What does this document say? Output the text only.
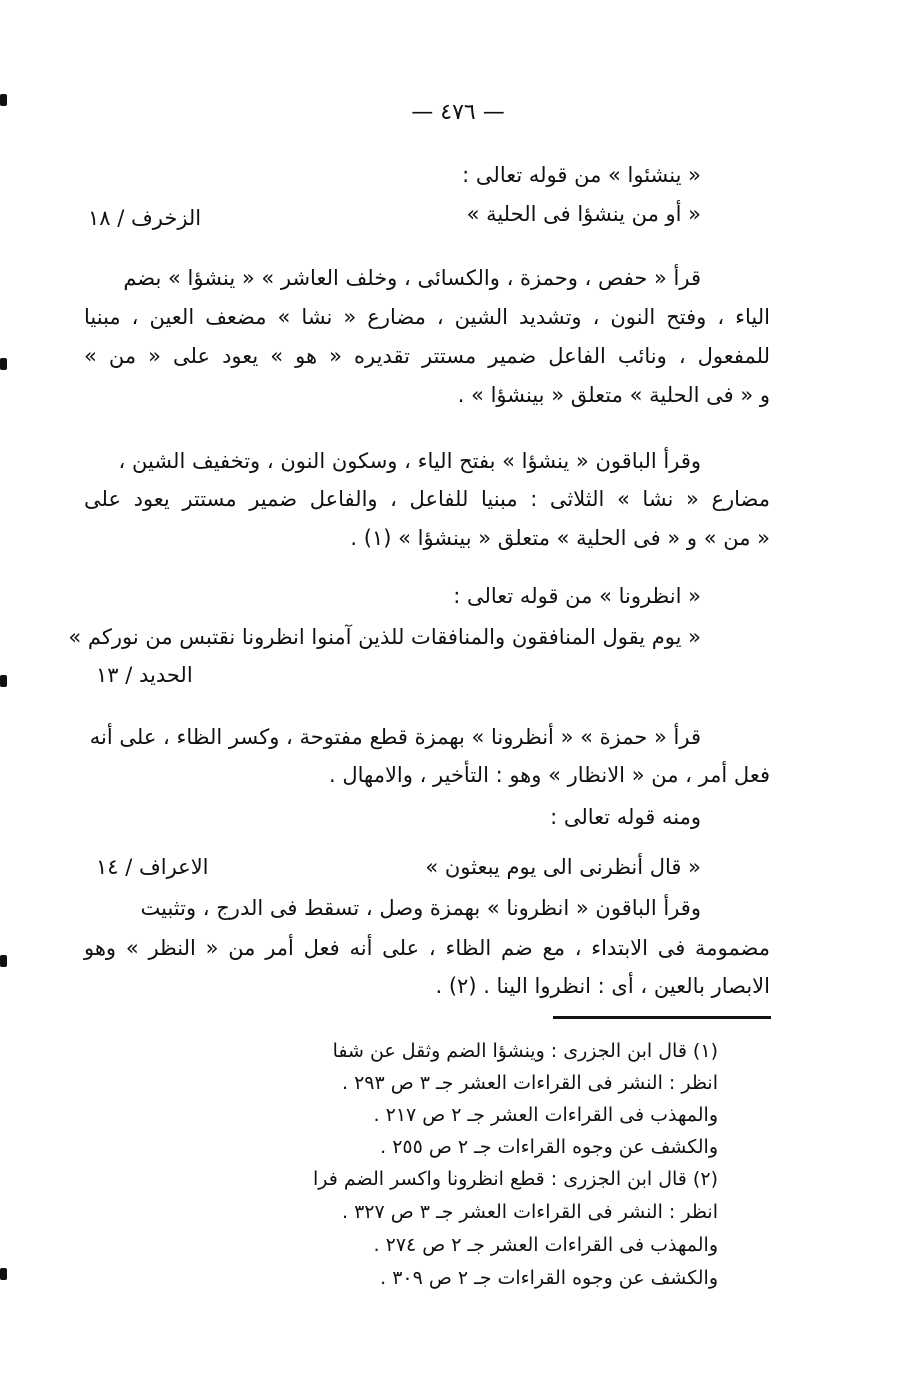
— ٤٧٦ —
« ينشئوا » من قوله تعالى :
« أو من ينشؤا فى الحلية »
الزخرف / ١٨
قرأ « حفص ، وحمزة ، والكسائى ، وخلف العاشر » « ينشؤا » بضم
الياء ، وفتح النون ، وتشديد الشين ، مضارع « نشا » مضعف العين ، مبنيا
للمفعول ، ونائب الفاعل ضمير مستتر تقديره « هو » يعود على « من »
و « فى الحلية » متعلق « بينشؤا » .
وقرأ الباقون « ينشؤا » بفتح الياء ، وسكون النون ، وتخفيف الشين ،
مضارع « نشا » الثلاثى : مبنيا للفاعل ، والفاعل ضمير مستتر يعود على
« من » و « فى الحلية » متعلق « بينشؤا » (١) .
« انظرونا » من قوله تعالى :
« يوم يقول المنافقون والمنافقات للذين آمنوا انظرونا نقتبس من نوركم »
الحديد / ١٣
قرأ « حمزة » « أنظرونا » بهمزة قطع مفتوحة ، وكسر الظاء ، على أنه
فعل أمر ، من « الانظار » وهو : التأخير ، والامهال .
ومنه قوله تعالى :
« قال أنظرنى الى يوم يبعثون »
الاعراف / ١٤
وقرأ الباقون « انظرونا » بهمزة وصل ، تسقط فى الدرج ، وتثبيت
مضمومة فى الابتداء ، مع ضم الظاء ، على أنه فعل أمر من « النظر » وهو
الابصار بالعين ، أى : انظروا الينا . (٢) .
(١) قال ابن الجزرى : وينشؤا الضم وثقل عن شفا
انظر : النشر فى القراءات العشر جـ ٣ ص ٢٩٣ .
والمهذب فى القراءات العشر جـ ٢ ص ٢١٧ .
والكشف عن وجوه القراءات جـ ٢ ص ٢٥٥ .
(٢) قال ابن الجزرى : قطع انظرونا واكسر الضم فرا
انظر : النشر فى القراءات العشر جـ ٣ ص ٣٢٧ .
والمهذب فى القراءات العشر جـ ٢ ص ٢٧٤ .
والكشف عن وجوه القراءات جـ ٢ ص ٣٠٩ .
